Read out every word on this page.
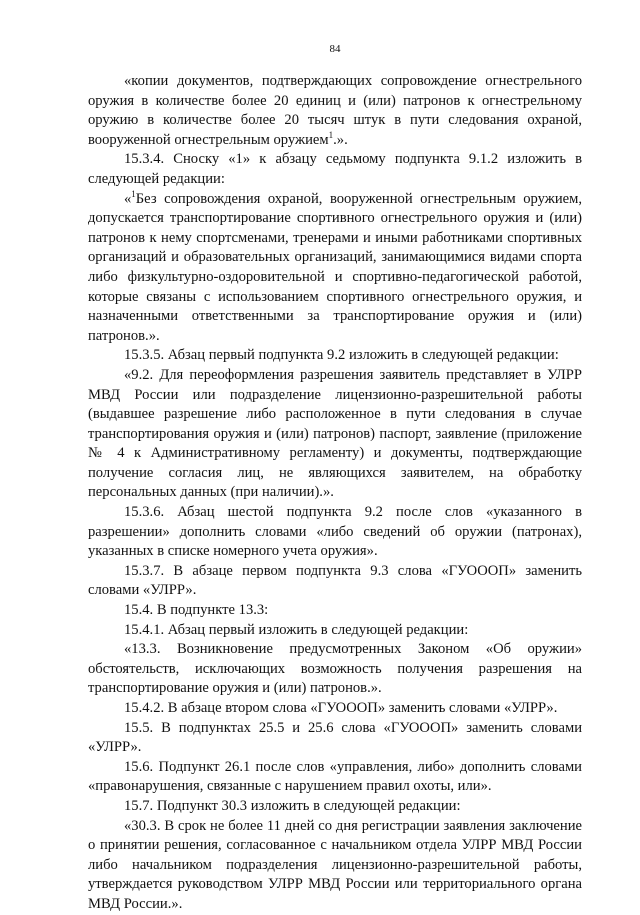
84

«копии документов, подтверждающих сопровождение огнестрельного оружия в количестве более 20 единиц и (или) патронов к огнестрельному оружию в количестве более 20 тысяч штук в пути следования охраной, вооруженной огнестрельным оружием$^1$.».

15.3.4. Сноску «1» к абзацу седьмому подпункта 9.1.2 изложить в следующей редакции:

«$^1$Без сопровождения охраной, вооруженной огнестрельным оружием, допускается транспортирование спортивного огнестрельного оружия и (или) патронов к нему спортсменами, тренерами и иными работниками спортивных организаций и образовательных организаций, занимающимися видами спорта либо физкультурно-оздоровительной и спортивно-педагогической работой, которые связаны с использованием спортивного огнестрельного оружия, и назначенными ответственными за транспортирование оружия и (или) патронов.».

15.3.5. Абзац первый подпункта 9.2 изложить в следующей редакции:

«9.2. Для переоформления разрешения заявитель представляет в УЛРР МВД России или подразделение лицензионно-разрешительной работы (выдавшее разрешение либо расположенное в пути следования в случае транспортирования оружия и (или) патронов) паспорт, заявление (приложение № 4 к Административному регламенту) и документы, подтверждающие получение согласия лиц, не являющихся заявителем, на обработку персональных данных (при наличии).».

15.3.6. Абзац шестой подпункта 9.2 после слов «указанного в разрешении» дополнить словами «либо сведений об оружии (патронах), указанных в списке номерного учета оружия».

15.3.7. В абзаце первом подпункта 9.3 слова «ГУОООП» заменить словами «УЛРР».

15.4. В подпункте 13.3:

15.4.1. Абзац первый изложить в следующей редакции:

«13.3. Возникновение предусмотренных Законом «Об оружии» обстоятельств, исключающих возможность получения разрешения на транспортирование оружия и (или) патронов.».

15.4.2. В абзаце втором слова «ГУОООП» заменить словами «УЛРР».

15.5. В подпунктах 25.5 и 25.6 слова «ГУОООП» заменить словами «УЛРР».

15.6. Подпункт 26.1 после слов «управления, либо» дополнить словами «правонарушения, связанные с нарушением правил охоты, или».

15.7. Подпункт 30.3 изложить в следующей редакции:

«30.3. В срок не более 11 дней со дня регистрации заявления заключение о принятии решения, согласованное с начальником отдела УЛРР МВД России либо начальником подразделения лицензионно-разрешительной работы, утверждается руководством УЛРР МВД России или территориального органа МВД России.».
